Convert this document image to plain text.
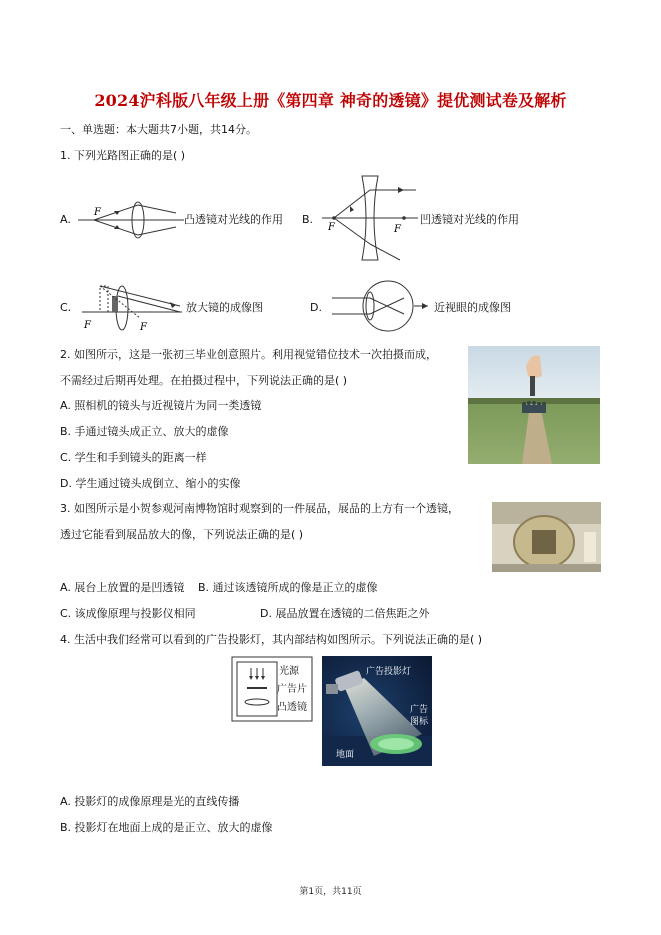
2024沪科版八年级上册《第四章 神奇的透镜》提优测试卷及解析
一、单选题：本大题共7小题，共14分。
1. 下列光路图正确的是( )
A.
F
凸透镜对光线的作用 B.
F	F
凹透镜对光线的作用
C.
F	F
放大镜的成像图	D.	近视眼的成像图
2. 如图所示，这是一张初三毕业创意照片。利用视觉错位技术一次拍摄而成，
不需经过后期再处理。在拍摄过程中，下列说法正确的是( )
A. 照相机的镜头与近视镜片为同一类透镜
B. 手通过镜头成正立、放大的虚像
C. 学生和手到镜头的距离一样
D. 学生通过镜头成倒立、缩小的实像
3. 如图所示是小贺参观河南博物馆时观察到的一件展品，展品的上方有一个透镜，
透过它能看到展品放大的像，下列说法正确的是( )
A. 展台上放置的是凹透镜 B. 通过该透镜所成的像是正立的虚像
C. 该成像原理与投影仪相同	D. 展品放置在透镜的二倍焦距之外
4. 生活中我们经常可以看到的广告投影灯，其内部结构如图所示。下列说法正确的是( )
光源
广告片
凸透镜
广告投影灯
广告
图标
地面
A. 投影灯的成像原理是光的直线传播
B. 投影灯在地面上成的是正立、放大的虚像
第1页，共11页
